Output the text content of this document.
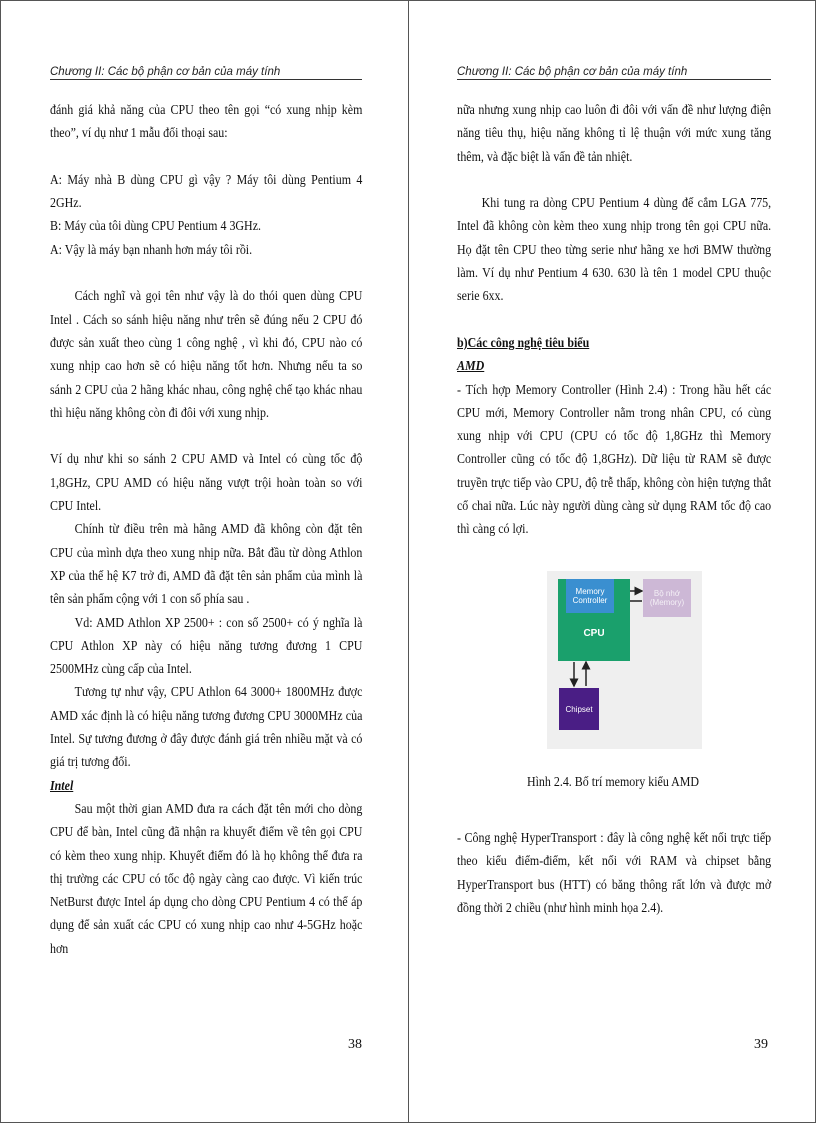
Chương II: Các bộ phận cơ bản của máy tính

đánh giá khả năng của CPU theo tên gọi “có xung nhịp kèm theo”, ví dụ như 1 mẫu đối thoại sau:

A: Máy nhà B dùng CPU gì vậy ? Máy tôi dùng Pentium 4 2GHz.

B: Máy của tôi dùng CPU Pentium 4 3GHz.

A: Vậy là máy bạn nhanh hơn máy tôi rồi.

Cách nghĩ và gọi tên như vậy là do thói quen dùng CPU Intel . Cách so sánh hiệu năng như trên sẽ đúng nếu 2 CPU đó được sản xuất theo cùng 1 công nghệ , vì khi đó, CPU nào có xung nhịp cao hơn sẽ có hiệu năng tốt hơn. Nhưng nếu ta so sánh 2 CPU của 2 hãng khác nhau, công nghệ chế tạo khác nhau thì hiệu năng không còn đi đôi với xung nhịp.

Ví dụ như khi so sánh 2 CPU AMD và Intel có cùng tốc độ 1,8GHz, CPU AMD có hiệu năng vượt trội hoàn toàn so với CPU Intel.

Chính từ điều trên mà hãng AMD đã không còn đặt tên CPU của mình dựa theo xung nhịp nữa. Bắt đầu từ dòng Athlon XP của thế hệ K7 trở đi, AMD đã đặt tên sản phẩm của mình là tên sản phẩm cộng với 1 con số phía sau .

Vd: AMD Athlon XP 2500+ : con số 2500+ có ý nghĩa là CPU Athlon XP này có hiệu năng tương đương 1 CPU 2500MHz cùng cấp của Intel.

Tương tự như vậy, CPU Athlon 64 3000+ 1800MHz được AMD xác định là có hiệu năng tương đương CPU 3000MHz của Intel. Sự tương đương ở đây được đánh giá trên nhiều mặt và có giá trị tương đối.

Intel

Sau một thời gian AMD đưa ra cách đặt tên mới cho dòng CPU để bàn, Intel cũng đã nhận ra khuyết điểm về tên gọi CPU có kèm theo xung nhịp. Khuyết điểm đó là họ không thể đưa ra thị trường các CPU có tốc độ ngày càng cao được. Vì kiến trúc NetBurst được Intel áp dụng cho dòng CPU Pentium 4 có thể áp dụng để sản xuất các CPU có xung nhịp cao như 4-5GHz hoặc hơn

38
Chương II: Các bộ phận cơ bản của máy tính

nữa nhưng xung nhịp cao luôn đi đôi với vấn đề như lượng điện năng tiêu thụ, hiệu năng không tỉ lệ thuận với mức xung tăng thêm, và đặc biệt là vấn đề tản nhiệt.

Khi tung ra dòng CPU Pentium 4 dùng đế cắm LGA 775, Intel đã không còn kèm theo xung nhịp trong tên gọi CPU nữa. Họ đặt tên CPU theo từng serie như hãng xe hơi BMW thường làm. Ví dụ như Pentium 4 630. 630 là tên 1 model CPU thuộc serie 6xx.

b)Các công nghệ tiêu biểu

AMD

- Tích hợp Memory Controller (Hình 2.4) : Trong hầu hết các CPU mới, Memory Controller nằm trong nhân CPU, có cùng xung nhịp với CPU (CPU có tốc độ 1,8GHz thì Memory Controller cũng có tốc độ 1,8GHz). Dữ liệu từ RAM sẽ được truyền trực tiếp vào CPU, độ trễ thấp, không còn hiện tượng thắt cổ chai nữa. Lúc này người dùng càng sử dụng RAM tốc độ cao thì càng có lợi.

Memory Controller
CPU
Bộ nhớ (Memory)
Chipset
Hình 2.4. Bố trí memory kiểu AMD

- Công nghệ HyperTransport : đây là công nghệ kết nối trực tiếp theo kiểu điểm-điểm, kết nối với RAM và chipset bằng HyperTransport bus (HTT) có băng thông rất lớn và được mở đồng thời 2 chiều (như hình minh họa 2.4).

39
